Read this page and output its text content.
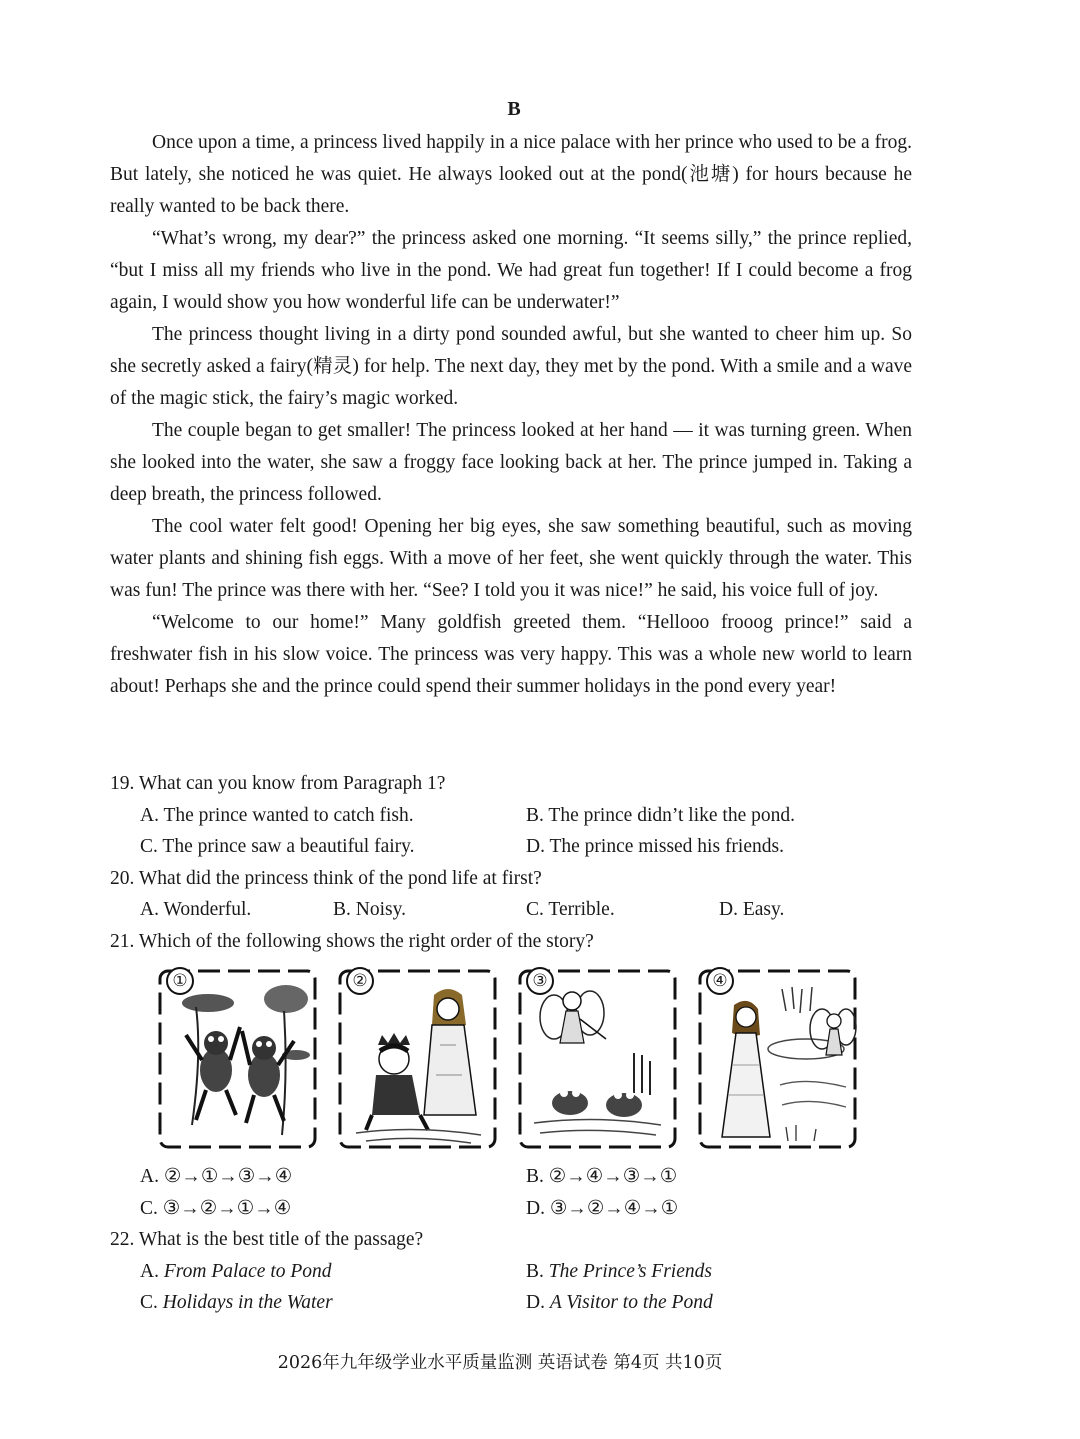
B

Once upon a time, a princess lived happily in a nice palace with her prince who used to be a frog. But lately, she noticed he was quiet. He always looked out at the pond(池塘) for hours because he really wanted to be back there.

“What’s wrong, my dear?” the princess asked one morning. “It seems silly,” the prince replied, “but I miss all my friends who live in the pond. We had great fun together! If I could become a frog again, I would show you how wonderful life can be underwater!”

The princess thought living in a dirty pond sounded awful, but she wanted to cheer him up. So she secretly asked a fairy(精灵) for help. The next day, they met by the pond. With a smile and a wave of the magic stick, the fairy’s magic worked.

The couple began to get smaller! The princess looked at her hand — it was turning green. When she looked into the water, she saw a froggy face looking back at her. The prince jumped in. Taking a deep breath, the princess followed.

The cool water felt good! Opening her big eyes, she saw something beautiful, such as moving water plants and shining fish eggs. With a move of her feet, she went quickly through the water. This was fun! The prince was there with her. “See? I told you it was nice!” he said, his voice full of joy.

“Welcome to our home!” Many goldfish greeted them. “Hellooo frooog prince!” said a freshwater fish in his slow voice. The princess was very happy. This was a whole new world to learn about! Perhaps she and the prince could spend their summer holidays in the pond every year!

19. What can you know from Paragraph 1?

A. The prince wanted to catch fish.	B. The prince didn’t like the pond.
C. The prince saw a beautiful fairy.	D. The prince missed his friends.

20. What did the princess think of the pond life at first?

A. Wonderful.	B. Noisy.	C. Terrible.	D. Easy.

21. Which of the following shows the right order of the story?

①	②	③	④
A. ②→①→③→④	B. ②→④→③→①
C. ③→②→①→④	D. ③→②→④→①

22. What is the best title of the passage?

A. From Palace to Pond	B. The Prince’s Friends
C. Holidays in the Water	D. A Visitor to the Pond
2026年九年级学业水平质量监测 英语试卷 第4页 共10页
